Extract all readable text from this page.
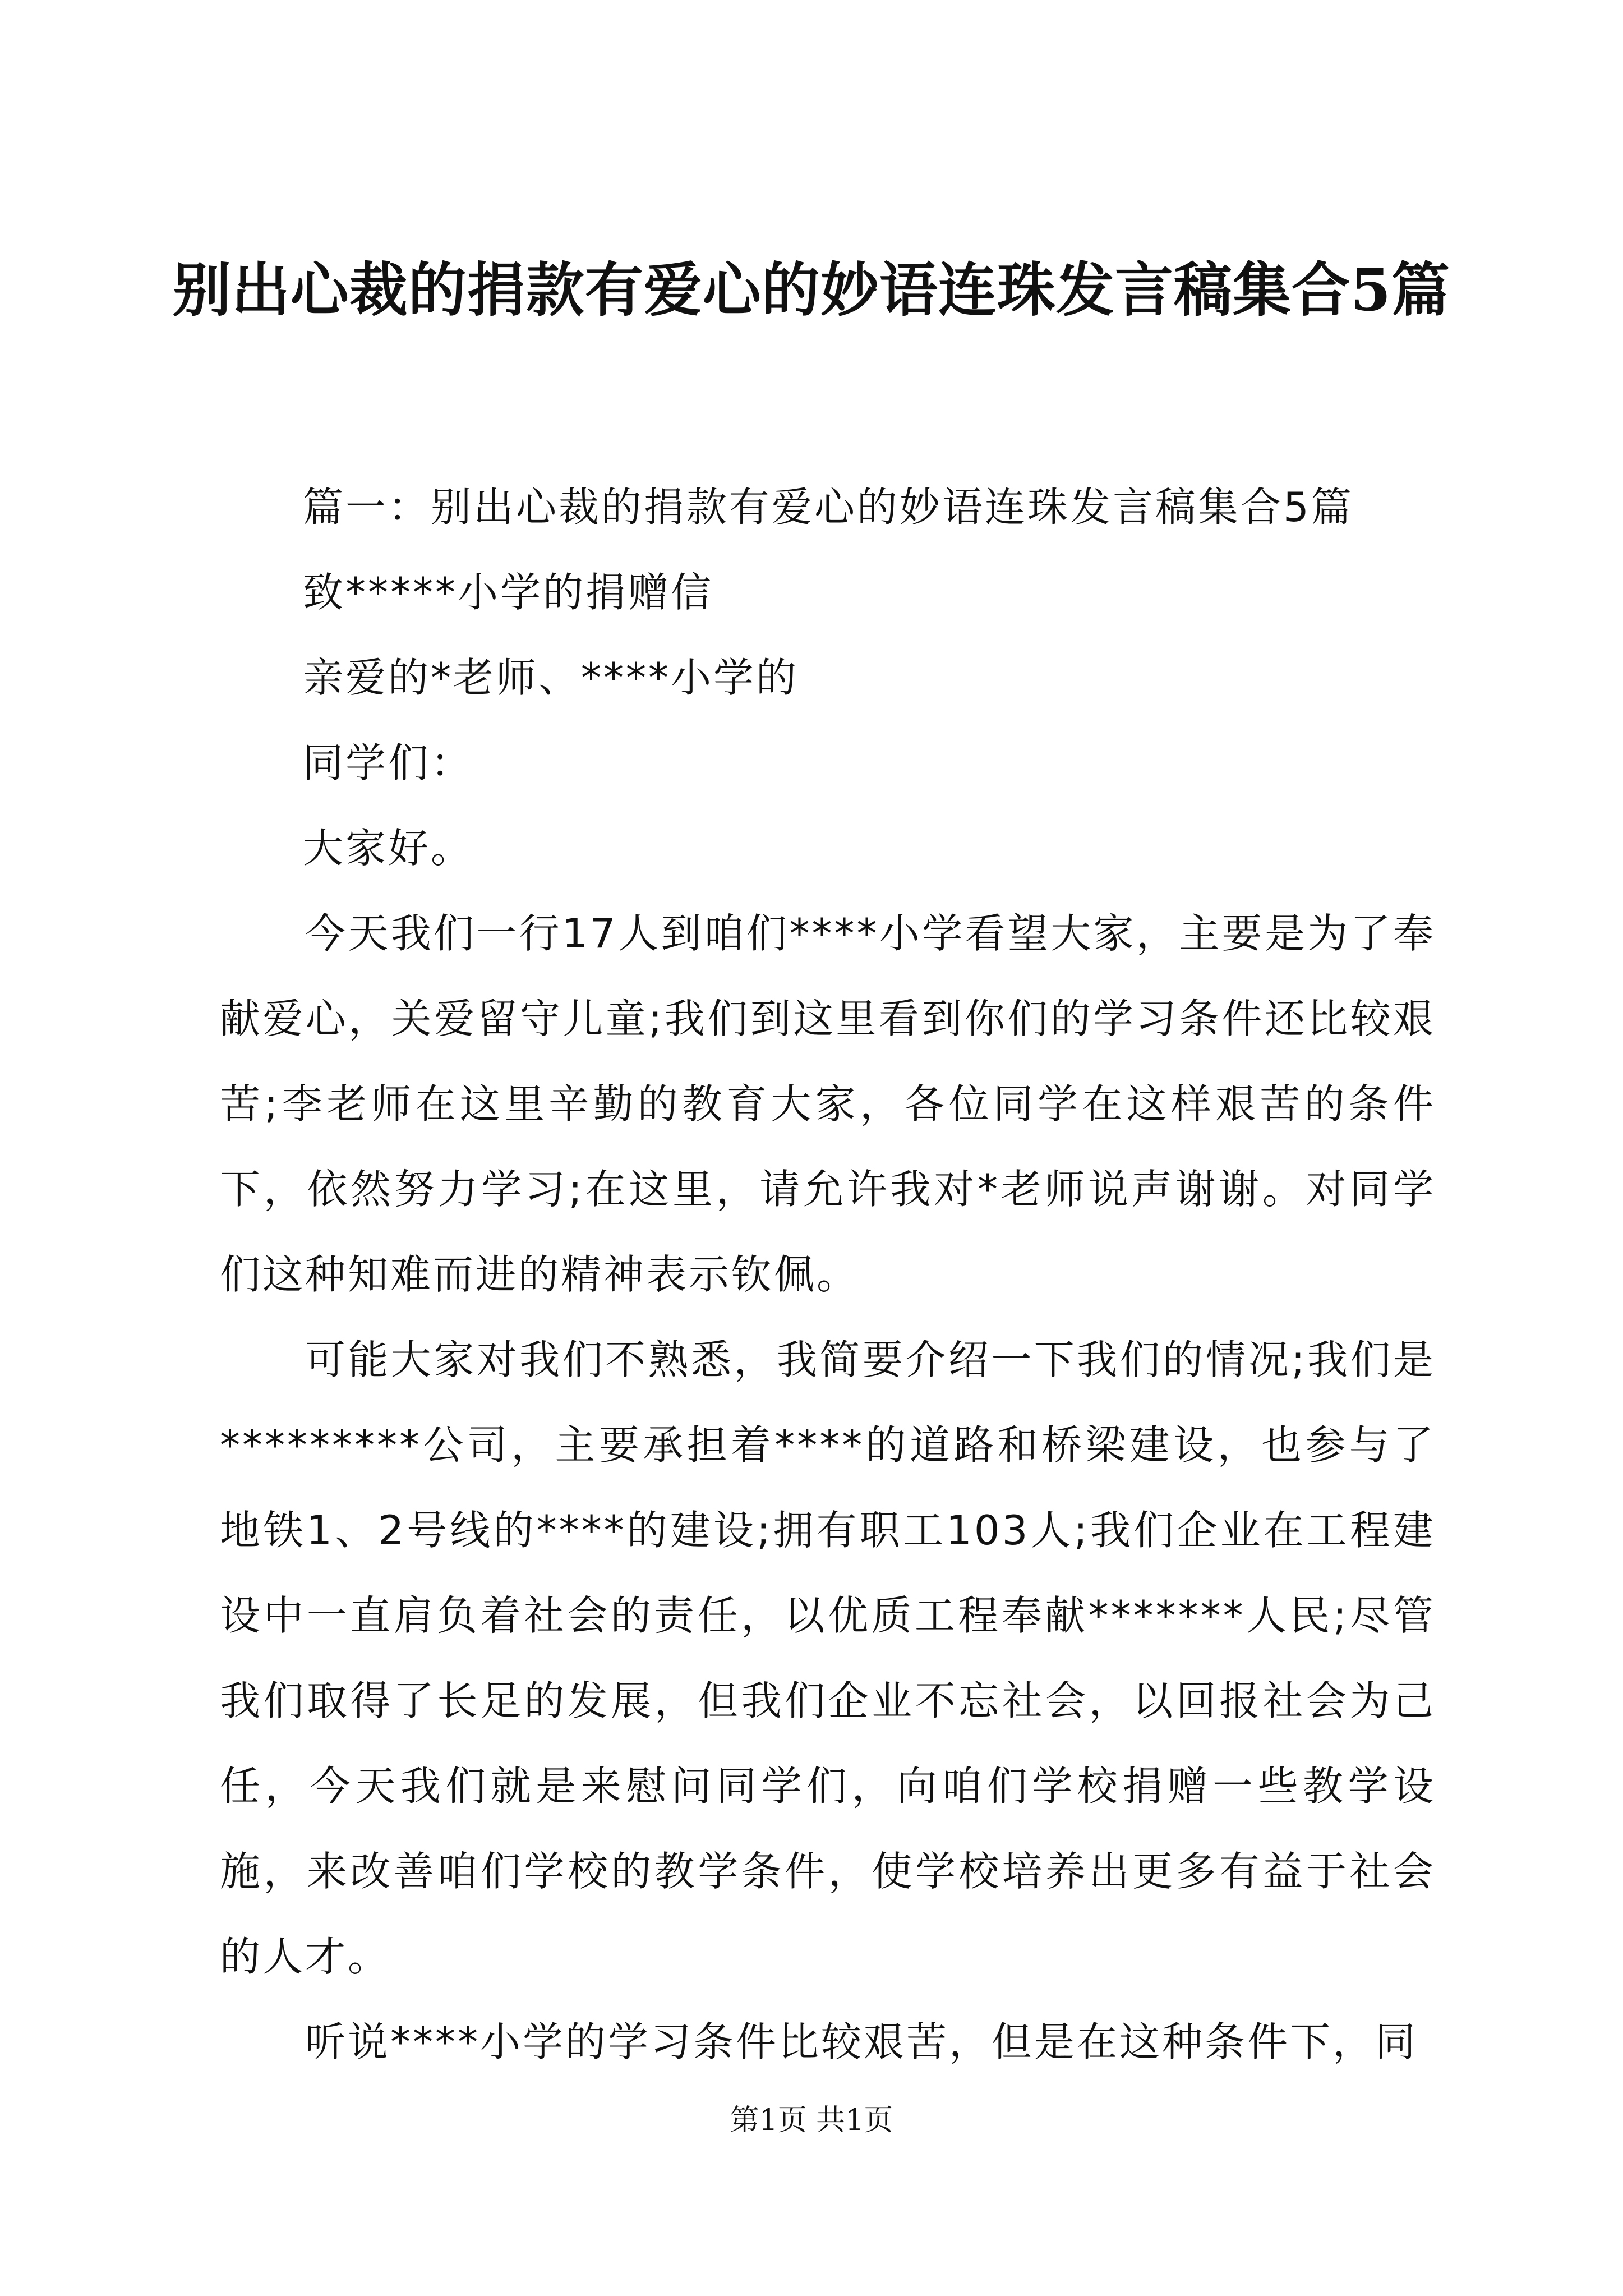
别出心裁的捐款有爱心的妙语连珠发言稿集合5篇

篇一：别出心裁的捐款有爱心的妙语连珠发言稿集合5篇

致*****小学的捐赠信

亲爱的*老师、****小学的

同学们：

大家好。

今天我们一行17人到咱们****小学看望大家，主要是为了奉献爱心，关爱留守儿童;我们到这里看到你们的学习条件还比较艰苦;李老师在这里辛勤的教育大家，各位同学在这样艰苦的条件下，依然努力学习;在这里，请允许我对*老师说声谢谢。对同学们这种知难而进的精神表示钦佩。

可能大家对我们不熟悉，我简要介绍一下我们的情况;我们是*********公司，主要承担着****的道路和桥梁建设，也参与了地铁1、2号线的****的建设;拥有职工103人;我们企业在工程建设中一直肩负着社会的责任，以优质工程奉献*******人民;尽管我们取得了长足的发展，但我们企业不忘社会，以回报社会为己任，今天我们就是来慰问同学们，向咱们学校捐赠一些教学设施，来改善咱们学校的教学条件，使学校培养出更多有益于社会的人才。

听说****小学的学习条件比较艰苦，但是在这种条件下，同

第1页 共1页
